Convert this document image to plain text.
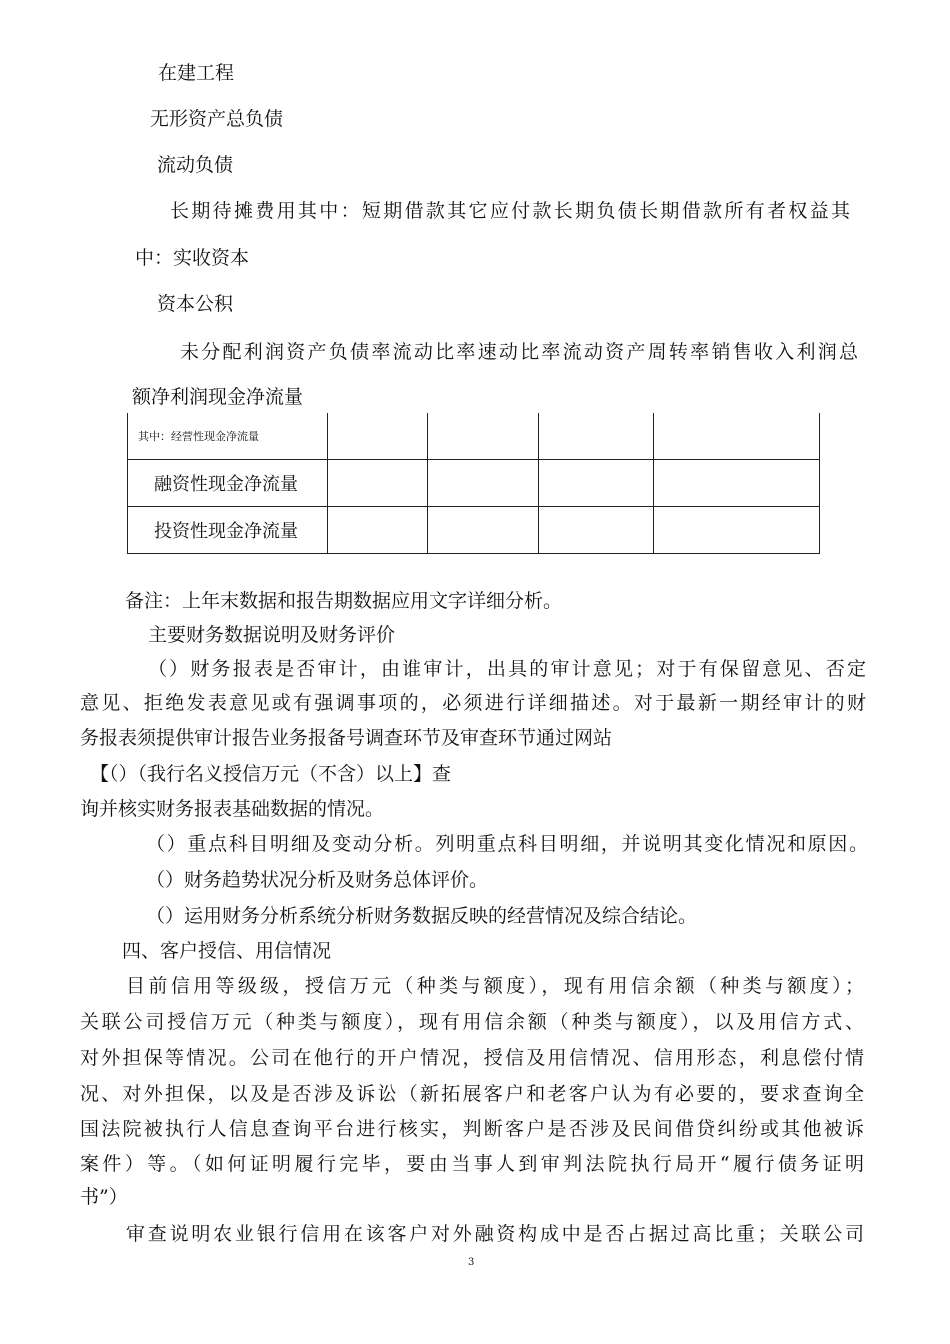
在建工程
无形资产总负债
流动负债
长期待摊费用其中：短期借款其它应付款长期负债长期借款所有者权益其
中：实收资本
资本公积
未分配利润资产负债率流动比率速动比率流动资产周转率销售收入利润总
额净利润现金净流量
其中：经营性现金净流量				
融资性现金净流量				
投资性现金净流量				
备注：上年末数据和报告期数据应用文字详细分析。
主要财务数据说明及财务评价
（）财务报表是否审计，由谁审计，出具的审计意见；对于有保留意见、否定
意见、拒绝发表意见或有强调事项的，必须进行详细描述。对于最新一期经审计的财
务报表须提供审计报告业务报备号调查环节及审查环节通过网站
【（）（我行名义授信万元（不含）以上】查
询并核实财务报表基础数据的情况。
（）重点科目明细及变动分析。列明重点科目明细，并说明其变化情况和原因。
（）财务趋势状况分析及财务总体评价。
（）运用财务分析系统分析财务数据反映的经营情况及综合结论。
四、客户授信、用信情况
目前信用等级级，授信万元（种类与额度），现有用信余额（种类与额度）；
关联公司授信万元（种类与额度），现有用信余额（种类与额度），以及用信方式、
对外担保等情况。公司在他行的开户情况，授信及用信情况、信用形态，利息偿付情
况、对外担保，以及是否涉及诉讼（新拓展客户和老客户认为有必要的，要求查询全
国法院被执行人信息查询平台进行核实，判断客户是否涉及民间借贷纠纷或其他被诉
案件）等。（如何证明履行完毕，要由当事人到审判法院执行局开“履行债务证明
书”）
审查说明农业银行信用在该客户对外融资构成中是否占据过高比重；关联公司
3
